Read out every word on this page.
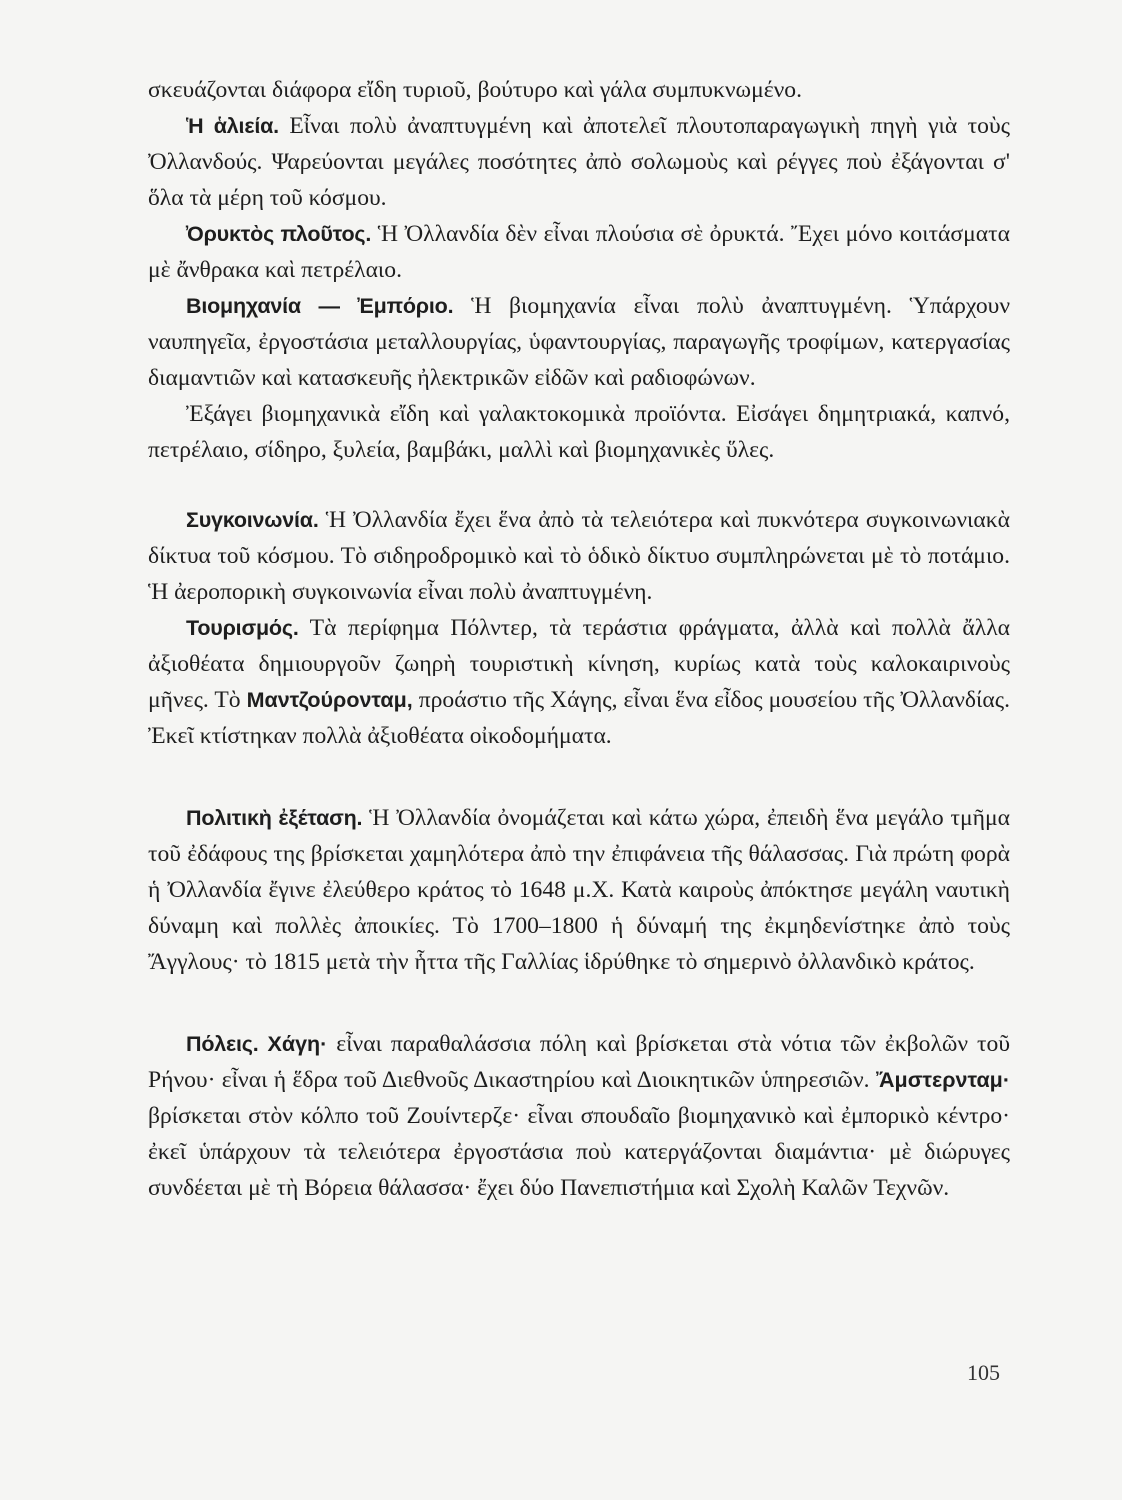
σκευάζονται διάφορα εἴδη τυριοῦ, βούτυρο καὶ γάλα συμπυκνωμένο.

Ἡ ἁλιεία. Εἶναι πολὺ ἀναπτυγμένη καὶ ἀποτελεῖ πλουτοπαραγωγικὴ πηγὴ γιὰ τοὺς Ὀλλανδούς. Ψαρεύονται μεγάλες ποσότητες ἀπὸ σολωμοὺς καὶ ρέγγες ποὺ ἐξάγονται σ' ὅλα τὰ μέρη τοῦ κόσμου.

Ὀρυκτὸς πλοῦτος. Ἡ Ὀλλανδία δὲν εἶναι πλούσια σὲ ὀρυκτά. Ἔχει μόνο κοιτάσματα μὲ ἄνθρακα καὶ πετρέλαιο.

Βιομηχανία — Ἐμπόριο. Ἡ βιομηχανία εἶναι πολὺ ἀναπτυγμένη. Ὑπάρχουν ναυπηγεῖα, ἐργοστάσια μεταλλουργίας, ὑφαντουργίας, παραγωγῆς τροφίμων, κατεργασίας διαμαντιῶν καὶ κατασκευῆς ἠλεκτρικῶν εἰδῶν καὶ ραδιοφώνων.

Ἐξάγει βιομηχανικὰ εἴδη καὶ γαλακτοκομικὰ προϊόντα. Εἰσάγει δημητριακά, καπνό, πετρέλαιο, σίδηρο, ξυλεία, βαμβάκι, μαλλὶ καὶ βιομηχανικὲς ὕλες.

Συγκοινωνία. Ἡ Ὀλλανδία ἔχει ἕνα ἀπὸ τὰ τελειότερα καὶ πυκνότερα συγκοινωνιακὰ δίκτυα τοῦ κόσμου. Τὸ σιδηροδρομικὸ καὶ τὸ ὁδικὸ δίκτυο συμπληρώνεται μὲ τὸ ποτάμιο. Ἡ ἀεροπορικὴ συγκοινωνία εἶναι πολὺ ἀναπτυγμένη.

Τουρισμός. Τὰ περίφημα Πόλντερ, τὰ τεράστια φράγματα, ἀλλὰ καὶ πολλὰ ἄλλα ἀξιοθέατα δημιουργοῦν ζωηρὴ τουριστικὴ κίνηση, κυρίως κατὰ τοὺς καλοκαιρινοὺς μῆνες. Τὸ Μαντζούρονταμ, προάστιο τῆς Χάγης, εἶναι ἕνα εἶδος μουσείου τῆς Ὀλλανδίας. Ἐκεῖ κτίστηκαν πολλὰ ἀξιοθέατα οἰκοδομήματα.

Πολιτικὴ ἐξέταση. Ἡ Ὀλλανδία ὀνομάζεται καὶ κάτω χώρα, ἐπειδὴ ἕνα μεγάλο τμῆμα τοῦ ἐδάφους της βρίσκεται χαμηλότερα ἀπὸ την ἐπιφάνεια τῆς θάλασσας. Γιὰ πρώτη φορὰ ἡ Ὀλλανδία ἔγινε ἐλεύθερο κράτος τὸ 1648 μ.Χ. Κατὰ καιροὺς ἀπόκτησε μεγάλη ναυτικὴ δύναμη καὶ πολλὲς ἀποικίες. Τὸ 1700–1800 ἡ δύναμή της ἐκμηδενίστηκε ἀπὸ τοὺς Ἄγγλους· τὸ 1815 μετὰ τὴν ἧττα τῆς Γαλλίας ἱδρύθηκε τὸ σημερινὸ ὀλλανδικὸ κράτος.

Πόλεις. Χάγη· εἶναι παραθαλάσσια πόλη καὶ βρίσκεται στὰ νότια τῶν ἐκβολῶν τοῦ Ρήνου· εἶναι ἡ ἕδρα τοῦ Διεθνοῦς Δικαστηρίου καὶ Διοικητικῶν ὑπηρεσιῶν. Ἄμστερνταμ· βρίσκεται στὸν κόλπο τοῦ Ζουίντερζε· εἶναι σπουδαῖο βιομηχανικὸ καὶ ἐμπορικὸ κέντρο· ἐκεῖ ὑπάρχουν τὰ τελειότερα ἐργοστάσια ποὺ κατεργάζονται διαμάντια· μὲ διώρυγες συνδέεται μὲ τὴ Βόρεια θάλασσα· ἔχει δύο Πανεπιστήμια καὶ Σχολὴ Καλῶν Τεχνῶν.

105
